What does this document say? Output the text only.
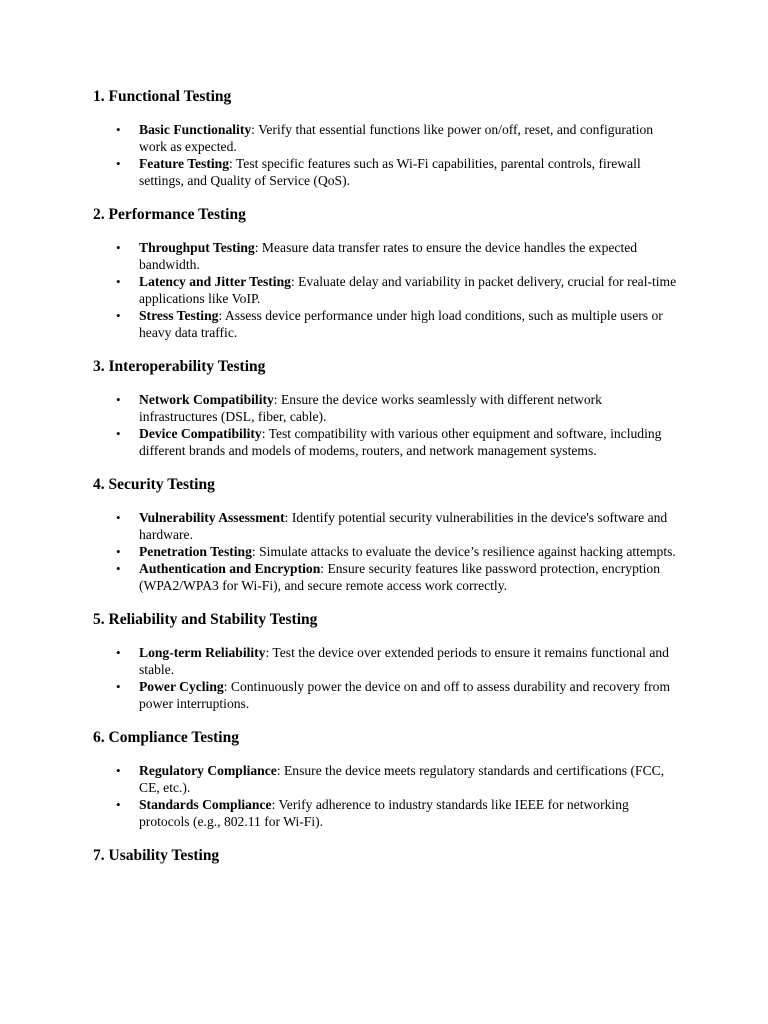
1. Functional Testing
• Basic Functionality: Verify that essential functions like power on/off, reset, and configuration work as expected.
• Feature Testing: Test specific features such as Wi-Fi capabilities, parental controls, firewall settings, and Quality of Service (QoS).
2. Performance Testing
• Throughput Testing: Measure data transfer rates to ensure the device handles the expected bandwidth.
• Latency and Jitter Testing: Evaluate delay and variability in packet delivery, crucial for real-time applications like VoIP.
• Stress Testing: Assess device performance under high load conditions, such as multiple users or heavy data traffic.
3. Interoperability Testing
• Network Compatibility: Ensure the device works seamlessly with different network infrastructures (DSL, fiber, cable).
• Device Compatibility: Test compatibility with various other equipment and software, including different brands and models of modems, routers, and network management systems.
4. Security Testing
• Vulnerability Assessment: Identify potential security vulnerabilities in the device's software and hardware.
• Penetration Testing: Simulate attacks to evaluate the device’s resilience against hacking attempts.
• Authentication and Encryption: Ensure security features like password protection, encryption (WPA2/WPA3 for Wi-Fi), and secure remote access work correctly.
5. Reliability and Stability Testing
• Long-term Reliability: Test the device over extended periods to ensure it remains functional and stable.
• Power Cycling: Continuously power the device on and off to assess durability and recovery from power interruptions.
6. Compliance Testing
• Regulatory Compliance: Ensure the device meets regulatory standards and certifications (FCC, CE, etc.).
• Standards Compliance: Verify adherence to industry standards like IEEE for networking protocols (e.g., 802.11 for Wi-Fi).
7. Usability Testing
